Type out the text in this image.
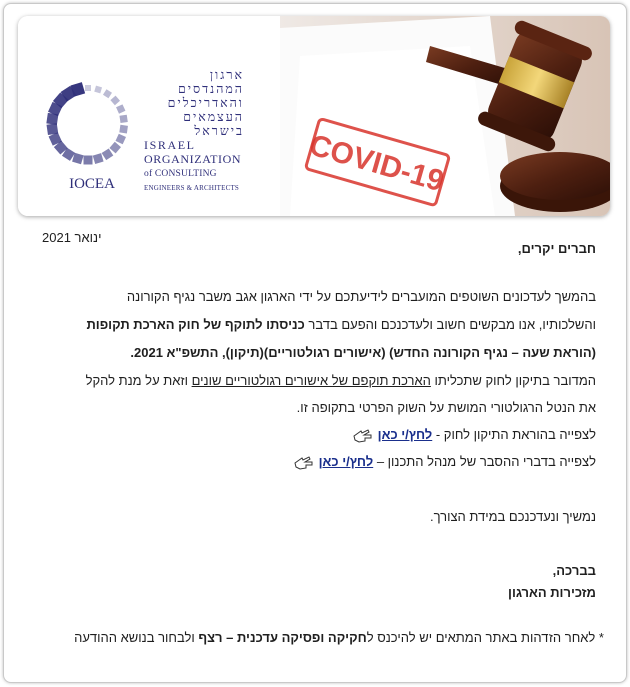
COVID-19
IOCEA
ארגון המהנדסים
והאדריכלים
העצמאים
בישראל
ISRAEL
ORGANIZATION
of CONSULTING
ENGINEERS & ARCHITECTS
ינואר 2021
חברים יקרים,
בהמשך לעדכונים השוטפים המועברים לידיעתכם על ידי הארגון אגב משבר נגיף הקורונה
והשלכותיו, אנו מבקשים חשוב ולעדכנכם והפעם בדבר כניסתו לתוקף של חוק הארכת תקופות
(הוראת שעה – נגיף הקורונה החדש) (אישורים רגולטוריים)(תיקון), התשפ"א 2021.
המדובר בתיקון לחוק שתכליתו הארכת תוקפם של אישורים רגולטוריים שונים וזאת על מנת להקל
את הנטל הרגולטורי המושת על השוק הפרטי בתקופה זו.
לצפייה בהוראת התיקון לחוק - לחץ/י כאן
לצפייה בדברי ההסבר של מנהל התכנון – לחץ/י כאן
נמשיך ונעדכנכם במידת הצורך.
בברכה,
מזכירות הארגון
* לאחר הזדהות באתר המתאים יש להיכנס לחקיקה ופסיקה עדכנית – רצף ולבחור בנושא ההודעה
